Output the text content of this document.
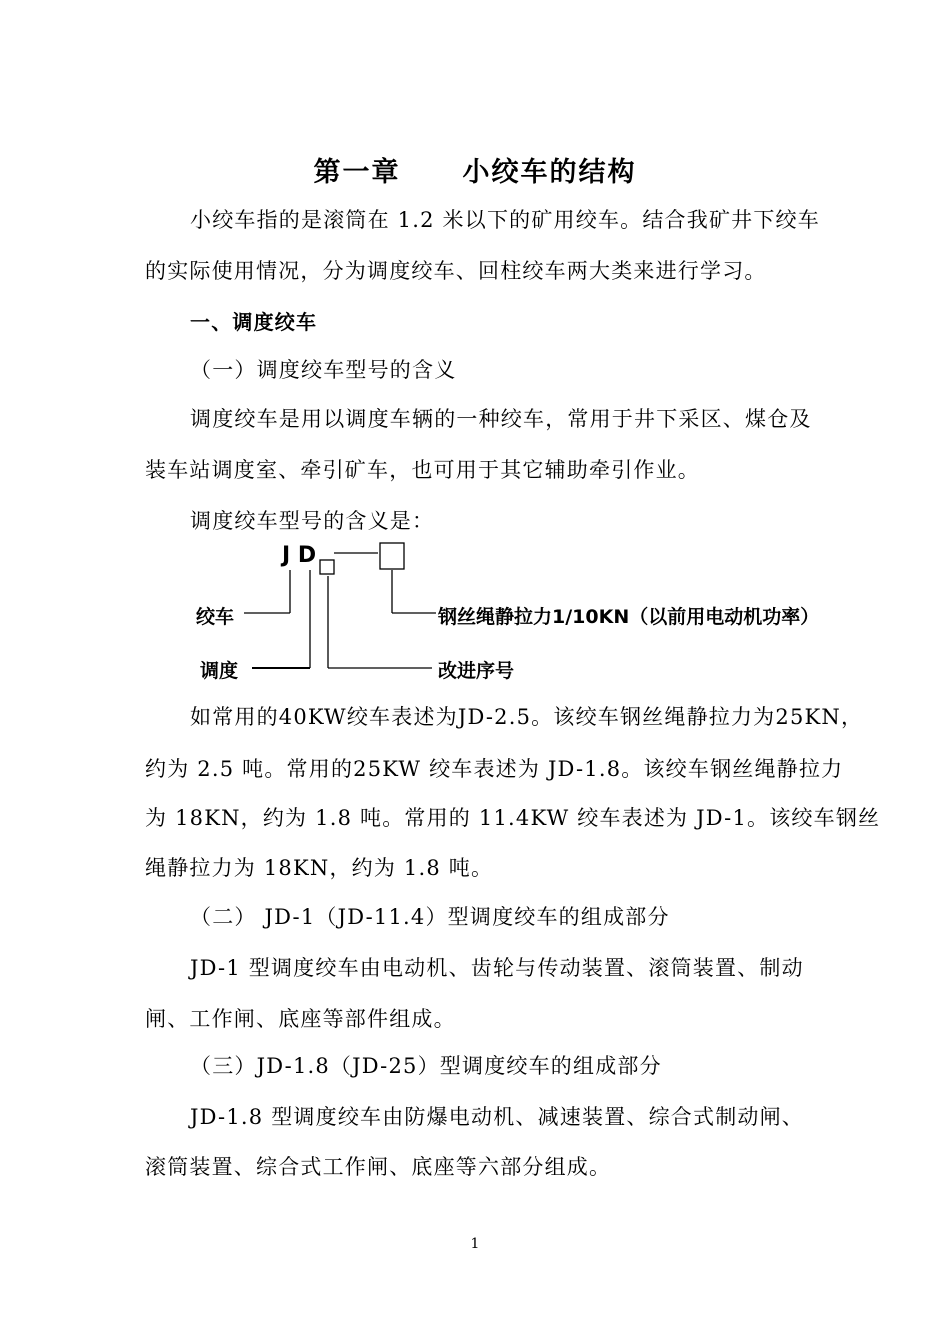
第一章 小绞车的结构
小绞车指的是滚筒在 1.2 米以下的矿用绞车。结合我矿井下绞车
的实际使用情况，分为调度绞车、回柱绞车两大类来进行学习。
一、调度绞车
（一）调度绞车型号的含义
调度绞车是用以调度车辆的一种绞车，常用于井下采区、煤仓及
装车站调度室、牵引矿车，也可用于其它辅助牵引作业。
调度绞车型号的含义是：
J D
绞车
调度
钢丝绳静拉力1/10KN（以前用电动机功率）
改进序号
如常用的40KW绞车表述为JD-2.5。该绞车钢丝绳静拉力为25KN，
约为 2.5 吨。常用的25KW 绞车表述为 JD-1.8。该绞车钢丝绳静拉力
为 18KN，约为 1.8 吨。常用的 11.4KW 绞车表述为 JD-1。该绞车钢丝
绳静拉力为 18KN，约为 1.8 吨。
（二） JD-1（JD-11.4）型调度绞车的组成部分
JD-1 型调度绞车由电动机、齿轮与传动装置、滚筒装置、制动
闸、工作闸、底座等部件组成。
（三）JD-1.8（JD-25）型调度绞车的组成部分
JD-1.8 型调度绞车由防爆电动机、减速装置、综合式制动闸、
滚筒装置、综合式工作闸、底座等六部分组成。
1
